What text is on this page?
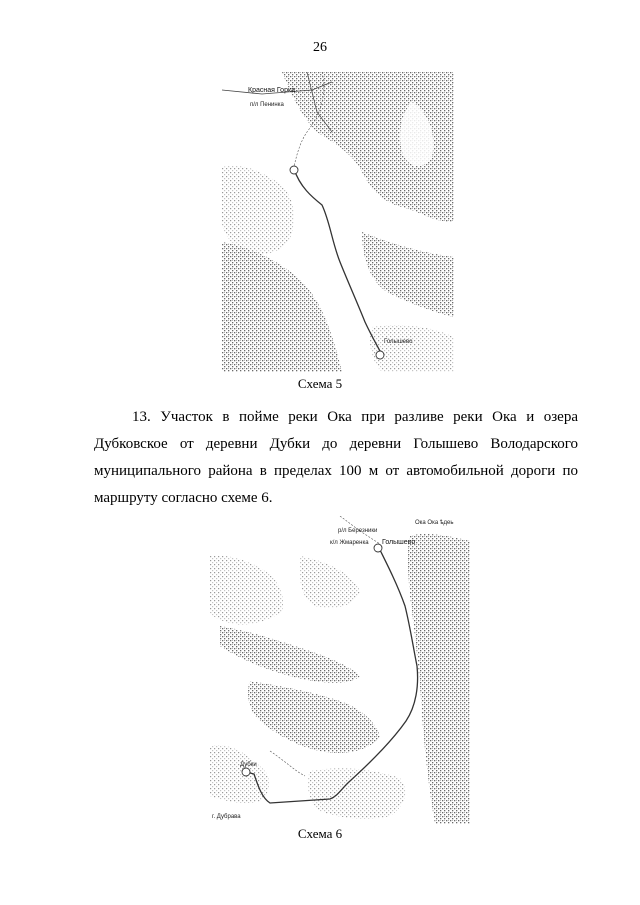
26
Красная Горка
п/л Пенинка
Голышево
Схема 5

13. Участок в пойме реки Ока при разливе реки Ока и озера Дубковское от деревни Дубки до деревни Голышево Володарского муниципального района в пределах 100 м от автомобильной дороги по маршруту согласно схеме 6.

Ока Ока ѣдеь
р/л Березники
к/л Жмаренка Голышево
Дубки
г. Дубрава
Схема 6
